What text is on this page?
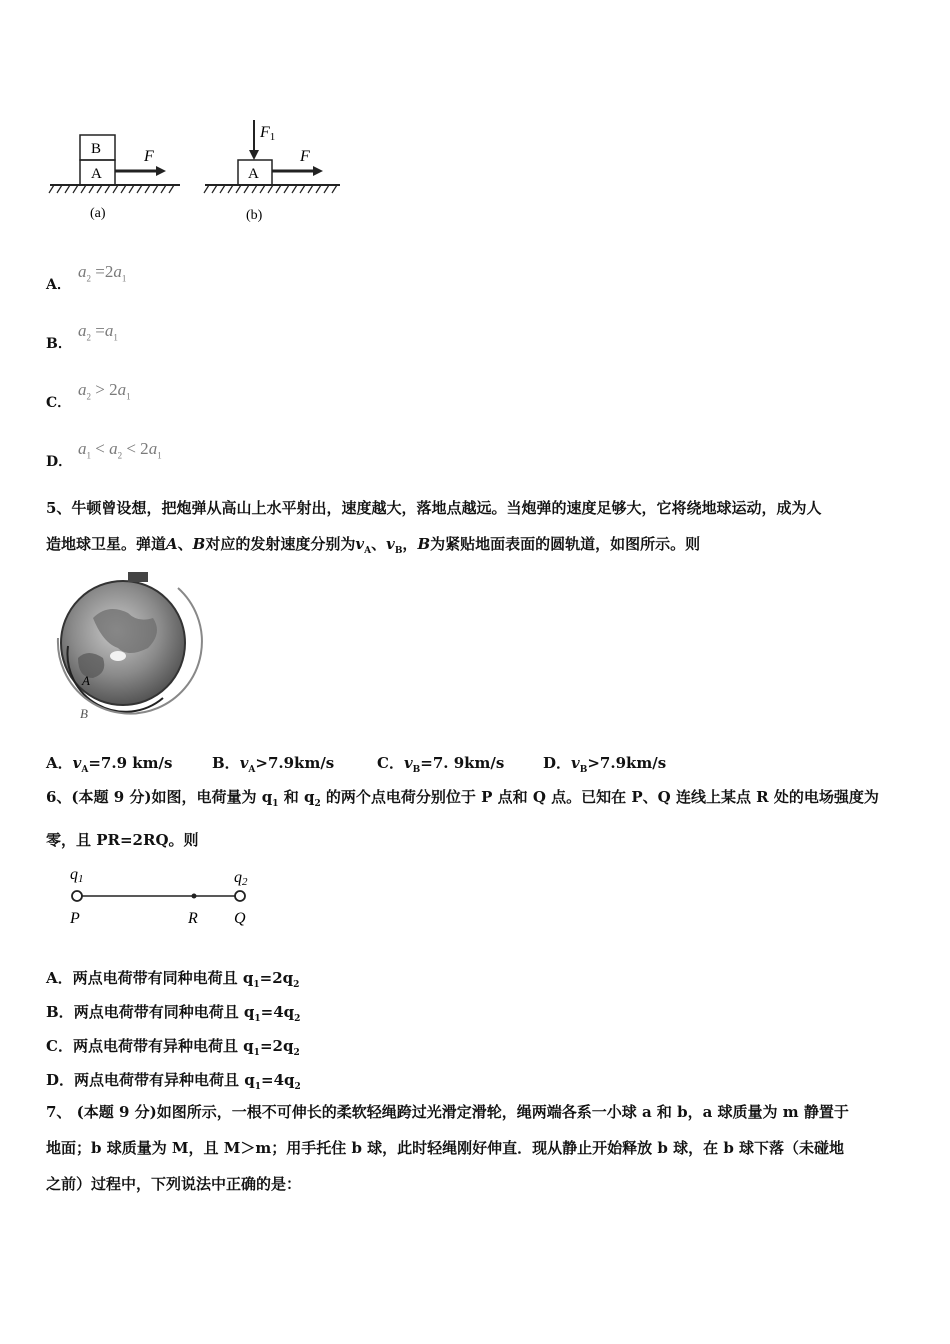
B
A
F
(a)
A
F1
F
(b)
A．
$a_2 =2a_1$
B．
$a_2 =a_1$
C．
$a_2 > 2a_1$
D．
$a_1 < a_2 < 2a_1$
5、牛顿曾设想，把炮弹从高山上水平射出，速度越大，落地点越远。当炮弹的速度足够大，它将绕地球运动，成为人
造地球卫星。弹道A、B对应的发射速度分别为$v_A$、$v_B$，B为紧贴地面表面的圆轨道，如图所示。则
A
B
A．$v_A=7.9$ km/s	B．$v_A>7.9km/s$	C．$v_B=7$. 9km/s	D．$v_B>7.9km/s$
6、(本题 9 分)如图，电荷量为 $q_1$ 和 $q_2$ 的两个点电荷分别位于 P 点和 Q 点。已知在 P、Q 连线上某点 R 处的电场强度为
零，且 PR=2RQ。则
q1	q2
P	R Q
A．两点电荷带有同种电荷且 $q_1=2q_2$
B．两点电荷带有同种电荷且 $q_1=4q_2$
C．两点电荷带有异种电荷且 $q_1=2q_2$
D．两点电荷带有异种电荷且 $q_1=4q_2$
7、 (本题 9 分)如图所示，一根不可伸长的柔软轻绳跨过光滑定滑轮，绳两端各系一小球 a 和 b，a 球质量为 m 静置于
地面；b 球质量为 M，且 M＞m；用手托住 b 球，此时轻绳刚好伸直．现从静止开始释放 b 球，在 b 球下落（未碰地
之前）过程中，下列说法中正确的是：
